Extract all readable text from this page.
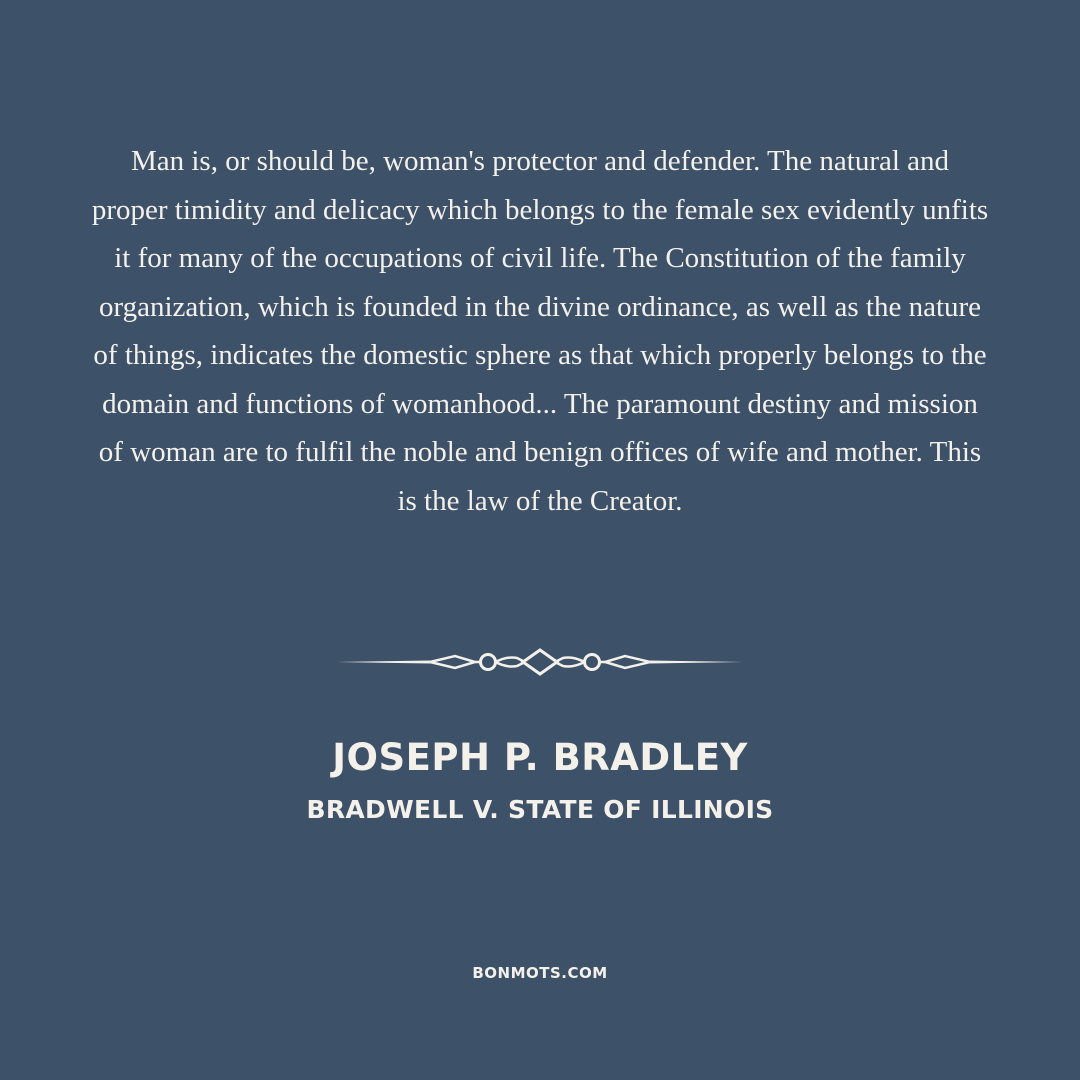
Man is, or should be, woman's protector and defender. The natural and proper timidity and delicacy which belongs to the female sex evidently unfits it for many of the occupations of civil life. The Constitution of the family organization, which is founded in the divine ordinance, as well as the nature of things, indicates the domestic sphere as that which properly belongs to the domain and functions of womanhood... The paramount destiny and mission of woman are to fulfil the noble and benign offices of wife and mother. This is the law of the Creator.

JOSEPH P. BRADLEY
BRADWELL V. STATE OF ILLINOIS
BONMOTS.COM
